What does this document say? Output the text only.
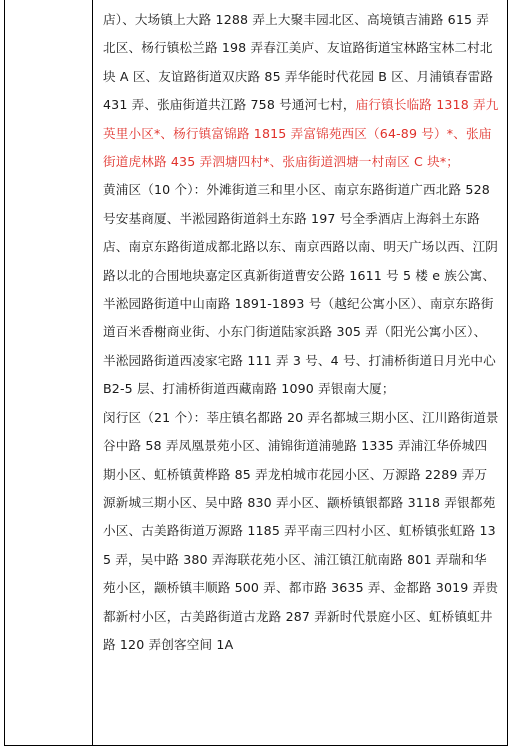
店）、大场镇上大路 1288 弄上大聚丰园北区、高境镇吉浦路 615 弄北区、杨行镇松兰路 198 弄春江美庐、友谊路街道宝林路宝林二村北块 A 区、友谊路街道双庆路 85 弄华能时代花园 B 区、月浦镇春雷路 431 弄、张庙街道共江路 758 号通河七村，庙行镇长临路 1318 弄九英里小区*、杨行镇富锦路 1815 弄富锦苑西区（64-89 号）*、张庙街道虎林路 435 弄泗塘四村*、张庙街道泗塘一村南区 C 块*；

黄浦区（10 个）：外滩街道三和里小区、南京东路街道广西北路 528 号安基商厦、半淞园路街道斜土东路 197 号全季酒店上海斜土东路店、南京东路街道成都北路以东、南京西路以南、明天广场以西、江阴路以北的合围地块嘉定区真新街道曹安公路 1611 号 5 楼 e 族公寓、半淞园路街道中山南路 1891-1893 号（越纪公寓小区）、南京东路街道百米香榭商业街、小东门街道陆家浜路 305 弄（阳光公寓小区）、半淞园路街道西凌家宅路 111 弄 3 号、4 号、打浦桥街道日月光中心 B2-5 层、打浦桥街道西藏南路 1090 弄银南大厦；

闵行区（21 个）：莘庄镇名都路 20 弄名都城三期小区、江川路街道景谷中路 58 弄凤凰景苑小区、浦锦街道浦驰路 1335 弄浦江华侨城四期小区、虹桥镇黄桦路 85 弄龙柏城市花园小区、万源路 2289 弄万源新城三期小区、吴中路 830 弄小区、颛桥镇银都路 3118 弄银都苑小区、古美路街道万源路 1185 弄平南三四村小区、虹桥镇张虹路 135 弄，吴中路 380 弄海联花苑小区、浦江镇江航南路 801 弄瑞和华苑小区，颛桥镇丰顺路 500 弄、都市路 3635 弄、金都路 3019 弄贵都新村小区，古美路街道古龙路 287 弄新时代景庭小区、虹桥镇虹井路 120 弄创客空间 1A
